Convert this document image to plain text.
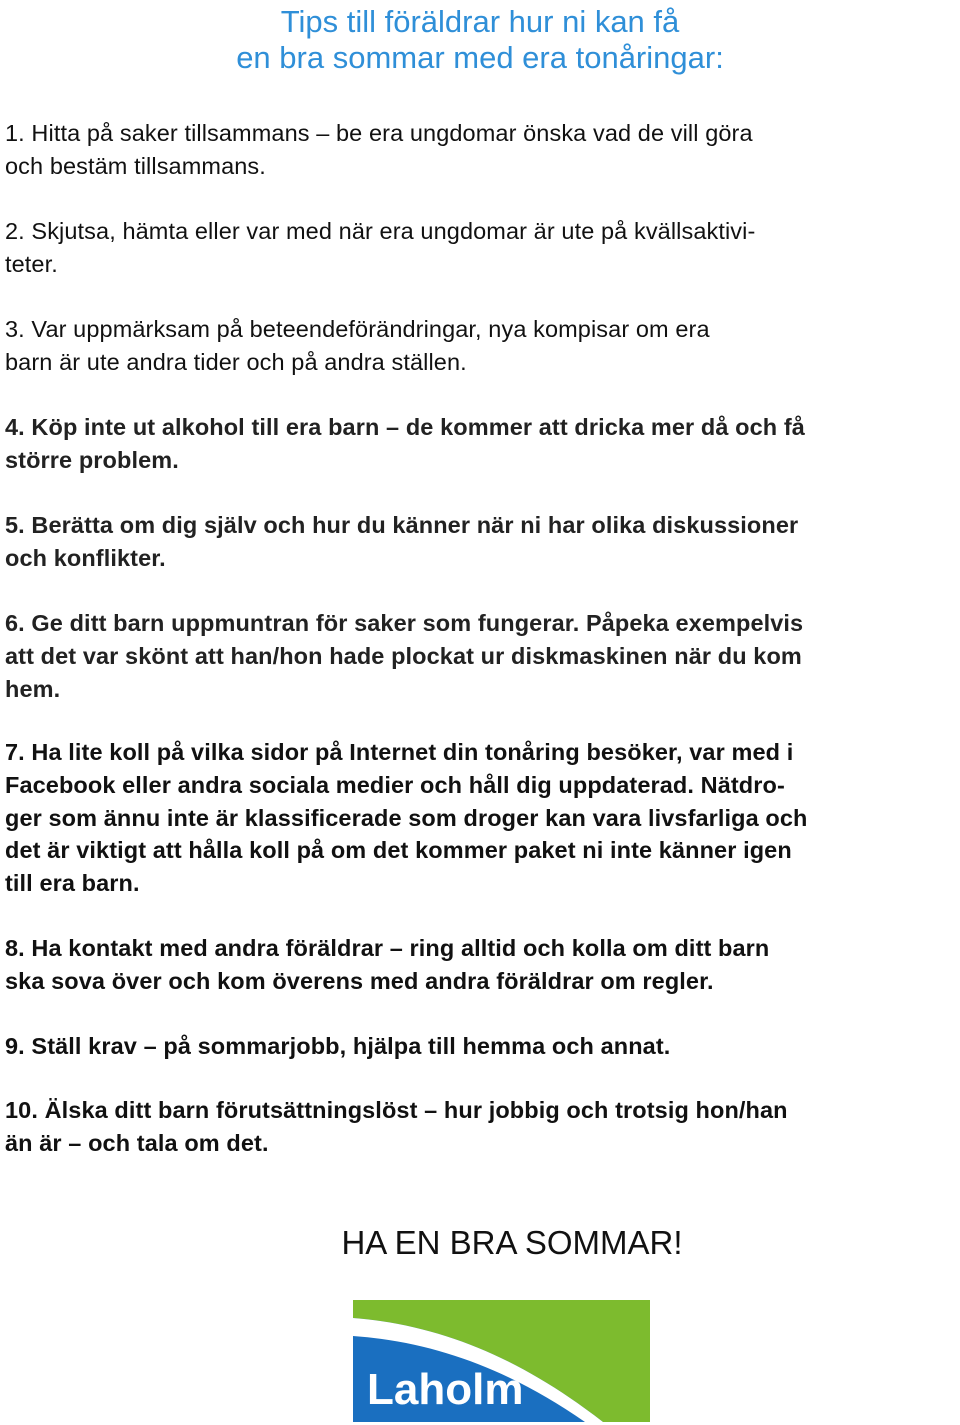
Tips till föräldrar hur ni kan få
en bra sommar med era tonåringar:
1. Hitta på saker tillsammans – be era ungdomar önska vad de vill göra
och bestäm tillsammans.
2. Skjutsa, hämta eller var med när era ungdomar är ute på kvällsaktivi-
teter.
3. Var uppmärksam på beteendeförändringar, nya kompisar om era
barn är ute andra tider och på andra ställen.
4. Köp inte ut alkohol till era barn – de kommer att dricka mer då och få
större problem.
5. Berätta om dig själv och hur du känner när ni har olika diskussioner
och konflikter.
6. Ge ditt barn uppmuntran för saker som fungerar. Påpeka exempelvis
att det var skönt att han/hon hade plockat ur diskmaskinen när du kom
hem.
7. Ha lite koll på vilka sidor på Internet din tonåring besöker, var med i
Facebook eller andra sociala medier och håll dig uppdaterad. Nätdro-
ger som ännu inte är klassificerade som droger kan vara livsfarliga och
det är viktigt att hålla koll på om det kommer paket ni inte känner igen
till era barn.
8. Ha kontakt med andra föräldrar – ring alltid och kolla om ditt barn
ska sova över och kom överens med andra föräldrar om regler.
9. Ställ krav – på sommarjobb, hjälpa till hemma och annat.
10. Älska ditt barn förutsättningslöst – hur jobbig och trotsig hon/han
än är – och tala om det.
HA EN BRA SOMMAR!
Laholm
